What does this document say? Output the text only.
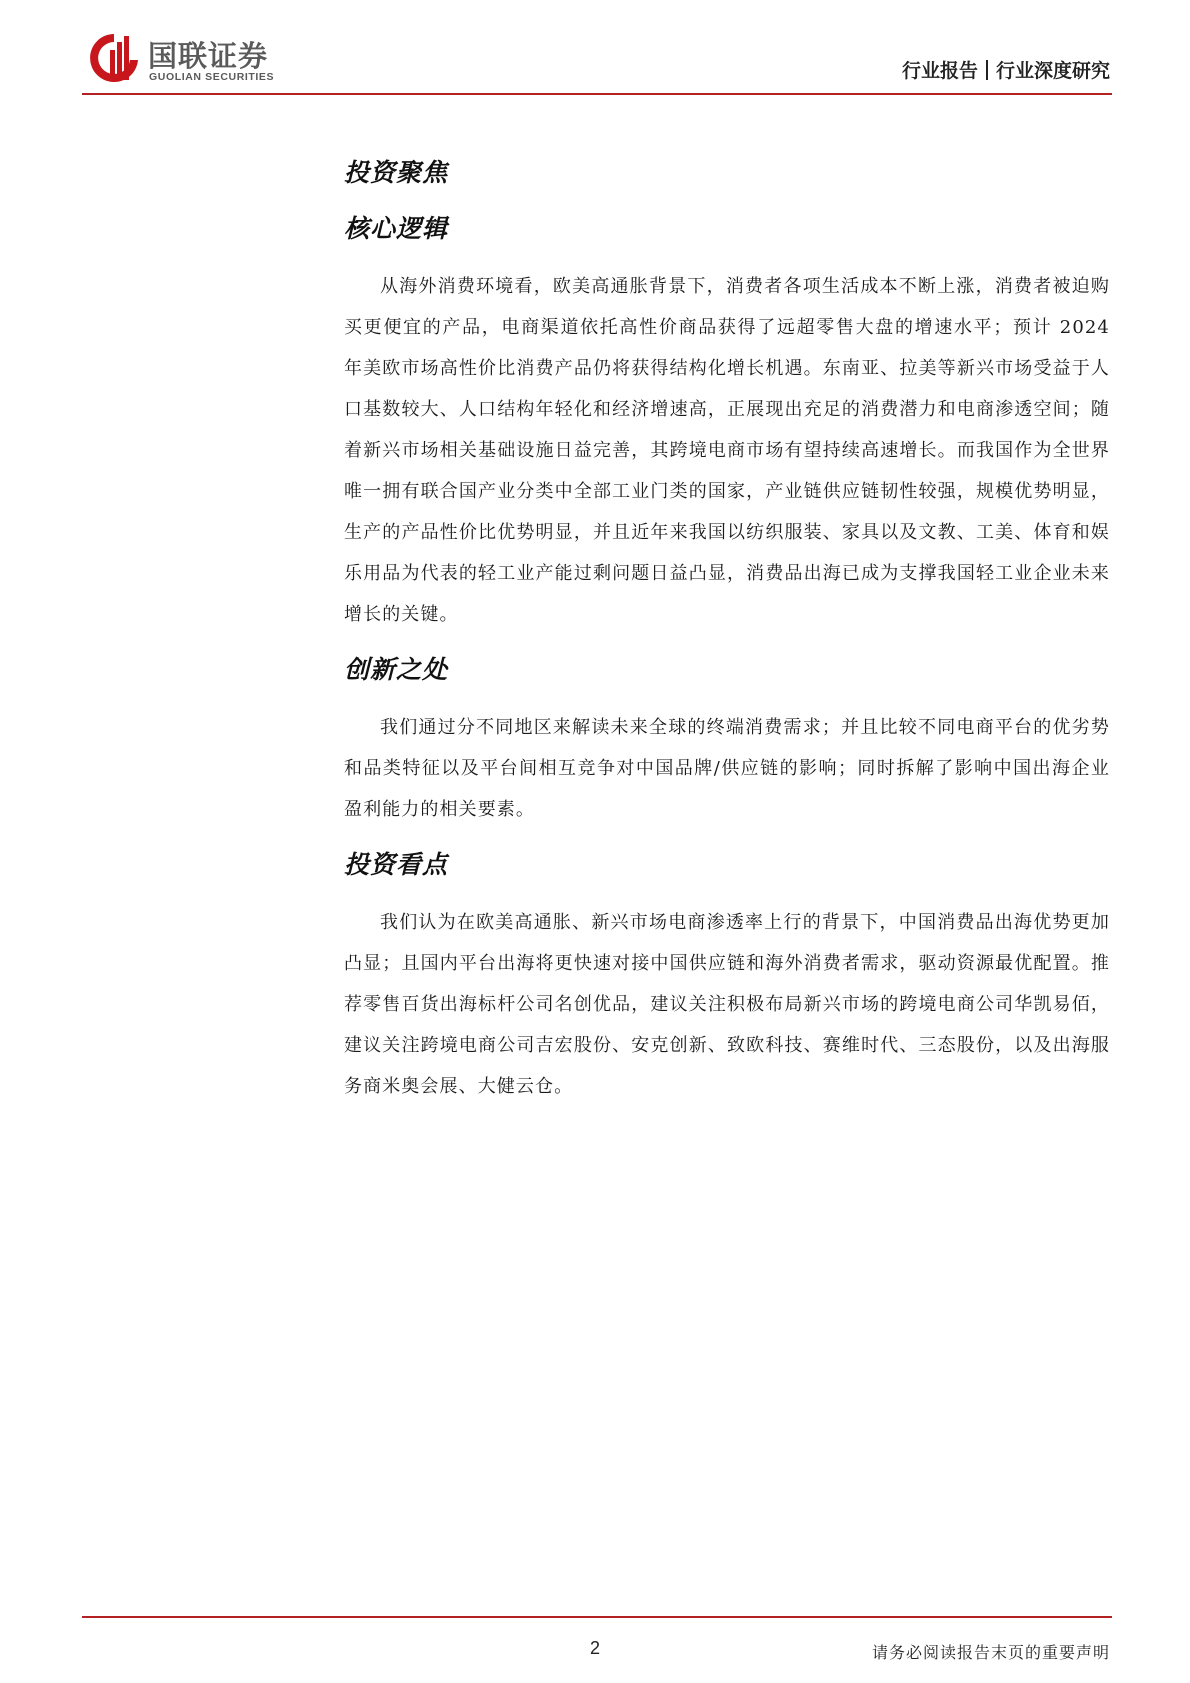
国联证券
GUOLIAN SECURITIES	行业报告 行业深度研究
投资聚焦
核心逻辑

从海外消费环境看，欧美高通胀背景下，消费者各项生活成本不断上涨，消费者被迫购买更便宜的产品，电商渠道依托高性价商品获得了远超零售大盘的增速水平；预计 2024 年美欧市场高性价比消费产品仍将获得结构化增长机遇。东南亚、拉美等新兴市场受益于人口基数较大、人口结构年轻化和经济增速高，正展现出充足的消费潜力和电商渗透空间；随着新兴市场相关基础设施日益完善，其跨境电商市场有望持续高速增长。而我国作为全世界唯一拥有联合国产业分类中全部工业门类的国家，产业链供应链韧性较强，规模优势明显，生产的产品性价比优势明显，并且近年来我国以纺织服装、家具以及文教、工美、体育和娱乐用品为代表的轻工业产能过剩问题日益凸显，消费品出海已成为支撑我国轻工业企业未来增长的关键。

创新之处

我们通过分不同地区来解读未来全球的终端消费需求；并且比较不同电商平台的优劣势和品类特征以及平台间相互竞争对中国品牌/供应链的影响；同时拆解了影响中国出海企业盈利能力的相关要素。

投资看点

我们认为在欧美高通胀、新兴市场电商渗透率上行的背景下，中国消费品出海优势更加凸显；且国内平台出海将更快速对接中国供应链和海外消费者需求，驱动资源最优配置。推荐零售百货出海标杆公司名创优品，建议关注积极布局新兴市场的跨境电商公司华凯易佰，建议关注跨境电商公司吉宏股份、安克创新、致欧科技、赛维时代、三态股份，以及出海服务商米奥会展、大健云仓。

2	请务必阅读报告末页的重要声明
